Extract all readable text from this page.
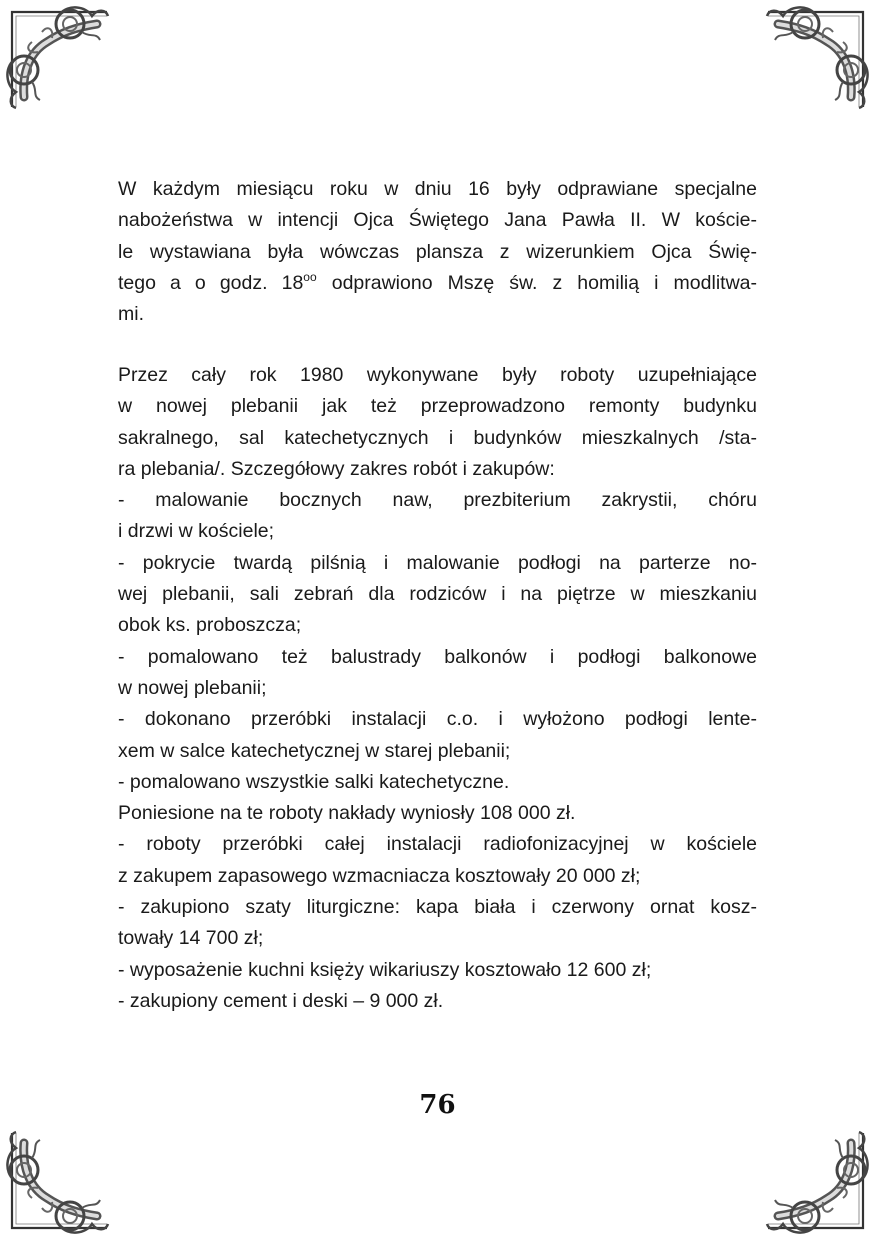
W każdym miesiącu roku w dniu 16 były odprawiane specjalne
nabożeństwa w intencji Ojca Świętego Jana Pawła II. W koście-
le wystawiana była wówczas plansza z wizerunkiem Ojca Świę-
tego a o godz. $18^{oo}$ odprawiono Mszę św. z homilią i modlitwa-
mi.
Przez cały rok 1980 wykonywane były roboty uzupełniające
w nowej plebanii jak też przeprowadzono remonty budynku
sakralnego, sal katechetycznych i budynków mieszkalnych /sta-
ra plebania/. Szczegółowy zakres robót i zakupów:
- malowanie bocznych naw, prezbiterium zakrystii, chóru
i drzwi w kościele;
- pokrycie twardą pilśnią i malowanie podłogi na parterze no-
wej plebanii, sali zebrań dla rodziców i na piętrze w mieszkaniu
obok ks. proboszcza;
- pomalowano też balustrady balkonów i podłogi balkonowe
w nowej plebanii;
- dokonano przeróbki instalacji c.o. i wyłożono podłogi lente-
xem w salce katechetycznej w starej plebanii;
- pomalowano wszystkie salki katechetyczne.
Poniesione na te roboty nakłady wyniosły 108 000 zł.
- roboty przeróbki całej instalacji radiofonizacyjnej w kościele
z zakupem zapasowego wzmacniacza kosztowały 20 000 zł;
- zakupiono szaty liturgiczne: kapa biała i czerwony ornat kosz-
towały 14 700 zł;
- wyposażenie kuchni księży wikariuszy kosztowało 12 600 zł;
- zakupiony cement i deski – 9 000 zł.
76
